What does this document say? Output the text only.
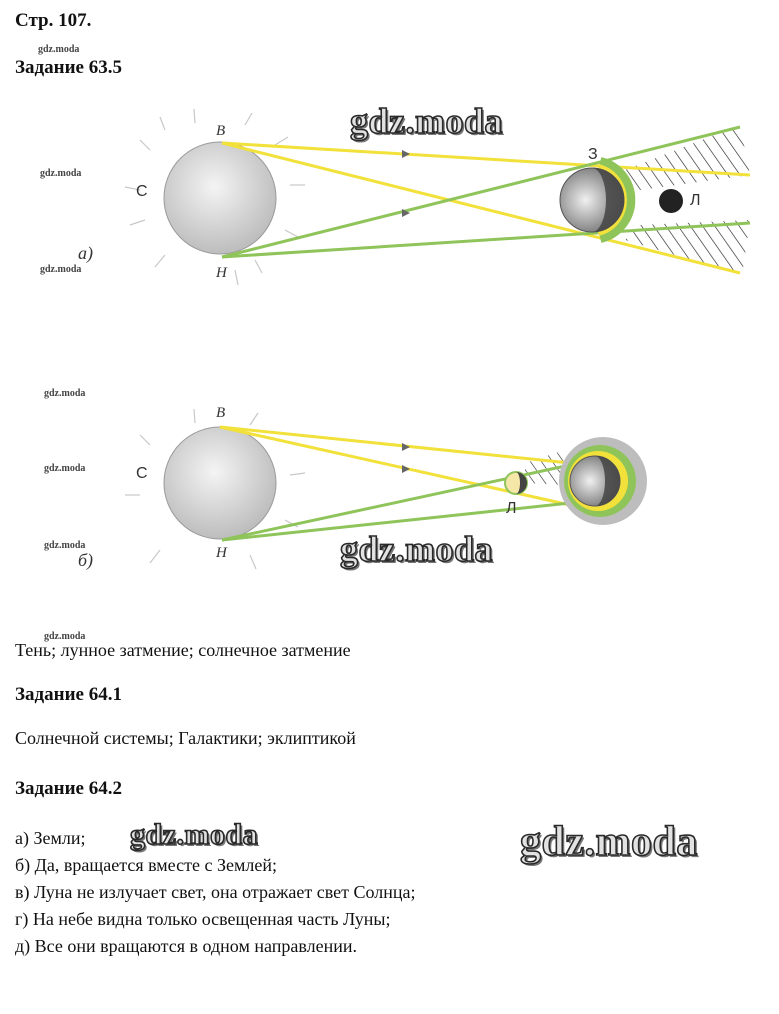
Стр. 107.
gdz.moda
Задание 63.5
В
С
Н
З
Л
а)
gdz.moda
gdz.moda
gdz.moda
gdz.moda
В
gdz.moda	С
Л
gdz.moda	Н
б)	gdz.moda
gdz.moda
Тень; лунное затмение; солнечное затмение
Задание 64.1
Солнечной системы; Галактики; эклиптикой
Задание 64.2
а) Земли;
б) Да, вращается вместе с Землей;
в) Луна не излучает свет, она отражает свет Солнца;
г) На небе видна только освещенная часть Луны;
д) Все они вращаются в одном направлении.
gdz.moda	gdz.moda
